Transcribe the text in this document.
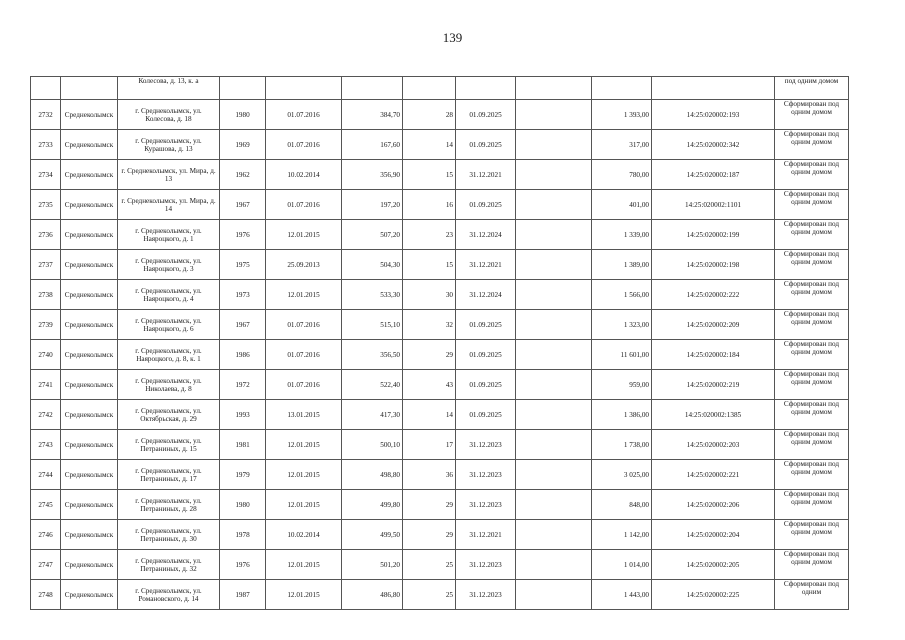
139
		Колесова, д. 13, к. а									под одним домом
2732	Среднеколымск	г. Среднеколымск, ул. Колесова, д. 18	1980	01.07.2016	384,70	28	01.09.2025		1 393,00	14:25:020002:193	Сформирован под одним домом
2733	Среднеколымск	г. Среднеколымск, ул. Курашова, д. 13	1969	01.07.2016	167,60	14	01.09.2025		317,00	14:25:020002:342	Сформирован под одним домом
2734	Среднеколымск	г. Среднеколымск, ул. Мира, д. 13	1962	10.02.2014	356,90	15	31.12.2021		780,00	14:25:020002:187	Сформирован под одним домом
2735	Среднеколымск	г. Среднеколымск, ул. Мира, д. 14	1967	01.07.2016	197,20	16	01.09.2025		401,00	14:25:020002:1101	Сформирован под одним домом
2736	Среднеколымск	г. Среднеколымск, ул. Наяроцкого, д. 1	1976	12.01.2015	507,20	23	31.12.2024		1 339,00	14:25:020002:199	Сформирован под одним домом
2737	Среднеколымск	г. Среднеколымск, ул. Наяроцкого, д. 3	1975	25.09.2013	504,30	15	31.12.2021		1 389,00	14:25:020002:198	Сформирован под одним домом
2738	Среднеколымск	г. Среднеколымск, ул. Наяроцкого, д. 4	1973	12.01.2015	533,30	30	31.12.2024		1 566,00	14:25:020002:222	Сформирован под одним домом
2739	Среднеколымск	г. Среднеколымск, ул. Наяроцкого, д. 6	1967	01.07.2016	515,10	32	01.09.2025		1 323,00	14:25:020002:209	Сформирован под одним домом
2740	Среднеколымск	г. Среднеколымск, ул. Наяроцкого, д. 8, к. 1	1986	01.07.2016	356,50	29	01.09.2025		11 601,00	14:25:020002:184	Сформирован под одним домом
2741	Среднеколымск	г. Среднеколымск, ул. Николаева, д. 8	1972	01.07.2016	522,40	43	01.09.2025		959,00	14:25:020002:219	Сформирован под одним домом
2742	Среднеколымск	г. Среднеколымск, ул. Октябрьская, д. 29	1993	13.01.2015	417,30	14	01.09.2025		1 386,00	14:25:020002:1385	Сформирован под одним домом
2743	Среднеколымск	г. Среднеколымск, ул. Петраниных, д. 15	1981	12.01.2015	500,10	17	31.12.2023		1 738,00	14:25:020002:203	Сформирован под одним домом
2744	Среднеколымск	г. Среднеколымск, ул. Петраниных, д. 17	1979	12.01.2015	498,80	36	31.12.2023		3 025,00	14:25:020002:221	Сформирован под одним домом
2745	Среднеколымск	г. Среднеколымск, ул. Петраниных, д. 28	1980	12.01.2015	499,80	29	31.12.2023		848,00	14:25:020002:206	Сформирован под одним домом
2746	Среднеколымск	г. Среднеколымск, ул. Петраниных, д. 30	1978	10.02.2014	499,50	29	31.12.2021		1 142,00	14:25:020002:204	Сформирован под одним домом
2747	Среднеколымск	г. Среднеколымск, ул. Петраниных, д. 32	1976	12.01.2015	501,20	25	31.12.2023		1 014,00	14:25:020002:205	Сформирован под одним домом
2748	Среднеколымск	г. Среднеколымск, ул. Романовского, д. 14	1987	12.01.2015	486,80	25	31.12.2023		1 443,00	14:25:020002:225	Сформирован под одним
